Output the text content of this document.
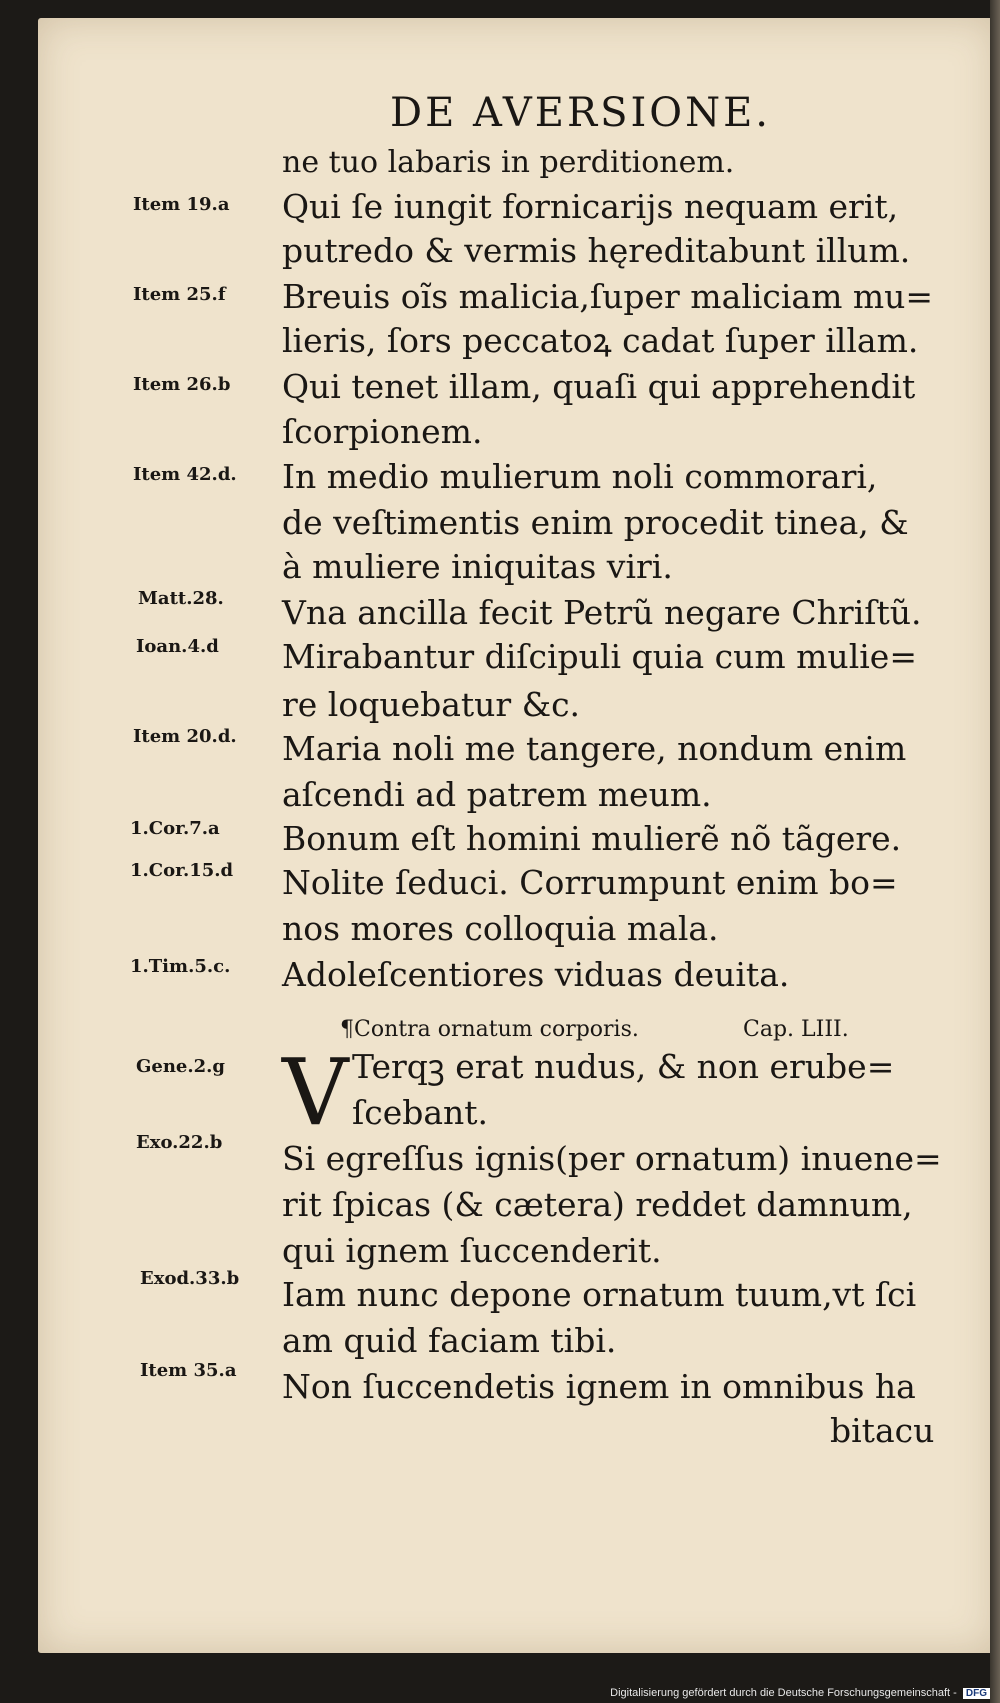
DE AVERSIONE.
ne tuo labaris in perditionem.
Qui ſe iungit fornicarijs nequam erit,
putredo & vermis hęreditabunt illum.
Breuis oĩs malicia,ſuper maliciam mu=
lieris, ſors peccatoꝝ cadat ſuper illam.
Qui tenet illam, quaſi qui apprehendit
ſcorpionem.
In medio mulierum noli commorari,
de veſtimentis enim procedit tinea, &
à muliere iniquitas viri.
Vna ancilla fecit Petrũ negare Chriſtũ.
Mirabantur diſcipuli quia cum mulie=
re loquebatur &c.
Maria noli me tangere, nondum enim
aſcendi ad patrem meum.
Bonum eſt homini mulierẽ nõ tãgere.
Nolite ſeduci. Corrumpunt enim bo=
nos mores colloquia mala.
Adoleſcentiores viduas deuita.
¶Contra ornatum corporis.	Cap. LIII.
V Terqꝫ erat nudus, & non erube=
ſcebant.
Si egreſſus ignis(per ornatum) inuene=
rit ſpicas (& cætera) reddet damnum,
qui ignem ſuccenderit.
Iam nunc depone ornatum tuum,vt ſci
am quid faciam tibi.
Non ſuccendetis ignem in omnibus ha
bitacu
Item 19.a
Item 25.f
Item 26.b
Item 42.d.
Matt.28.
Ioan.4.d
Item 20.d.
1.Cor.7.a
1.Cor.15.d
1.Tim.5.c.
Gene.2.g
Exo.22.b
Exod.33.b
Item 35.a
Digitalisierung gefördert durch die Deutsche Forschungsgemeinschaft - DFG
